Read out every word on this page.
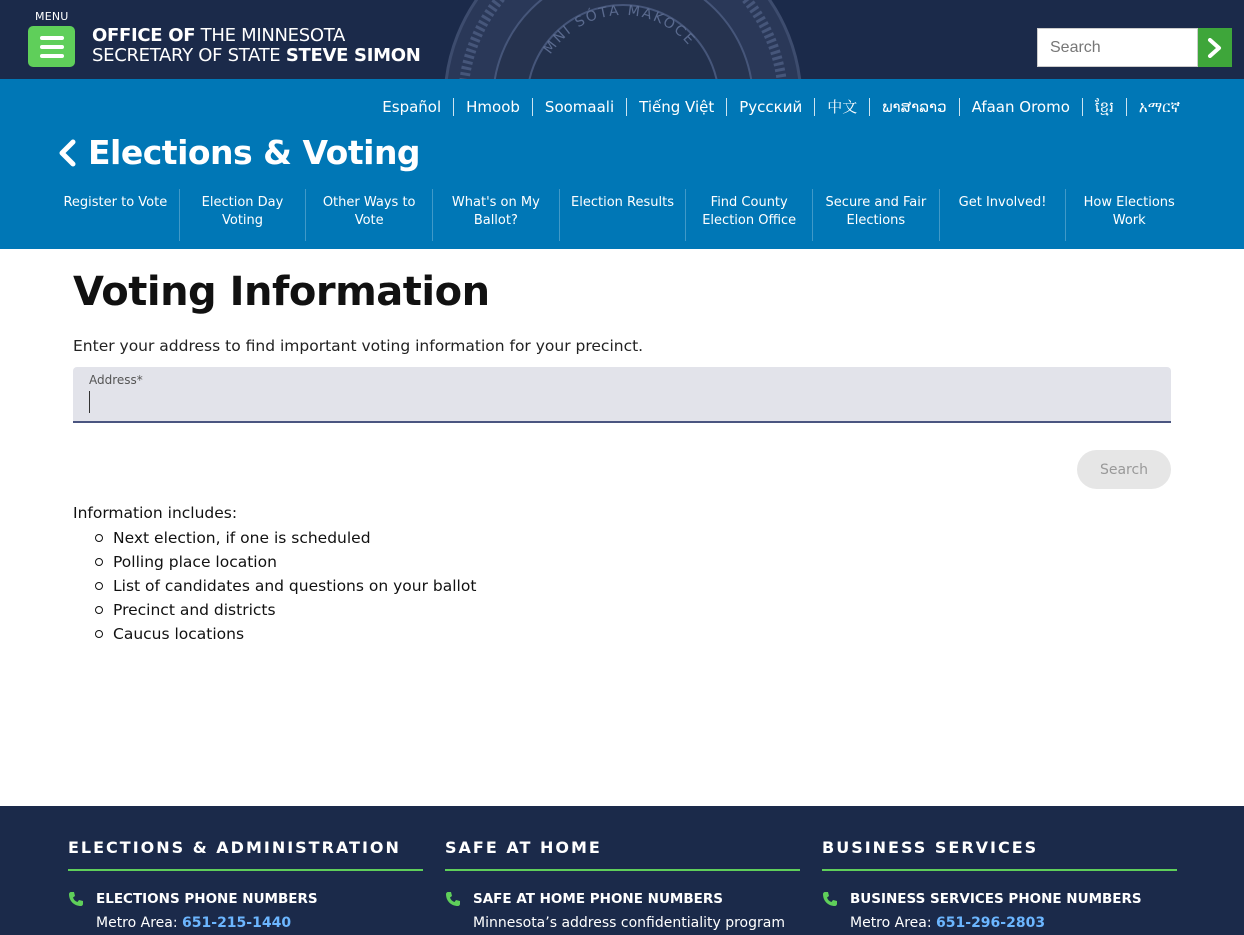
MNI SÓTA MAKOCE
MENU
OFFICE OF THE MINNESOTA
SECRETARY OF STATE STEVE SIMON
Search
Español	Hmoob	Soomaali	Tiếng Việt	Русский	中文	ພາສາລາວ	Afaan Oromo	ខ្មែរ	አማርኛ
Elections & Voting
Register to Vote	Election Day
Voting
Other Ways to
Vote
What's on My
Ballot?
Election Results	Find County
Election Office
Secure and Fair
Elections
Get Involved!	How Elections
Work
Voting Information

Enter your address to find important voting information for your precinct.

Address*
Search
Information includes:
Next election, if one is scheduled
Polling place location
List of candidates and questions on your ballot
Precinct and districts
Caucus locations
ELECTIONS & ADMINISTRATION
ELECTIONS PHONE NUMBERS
Metro Area: 651-215-1440
SAFE AT HOME
SAFE AT HOME PHONE NUMBERS
Minnesota’s address confidentiality program
BUSINESS SERVICES
BUSINESS SERVICES PHONE NUMBERS
Metro Area: 651-296-2803
